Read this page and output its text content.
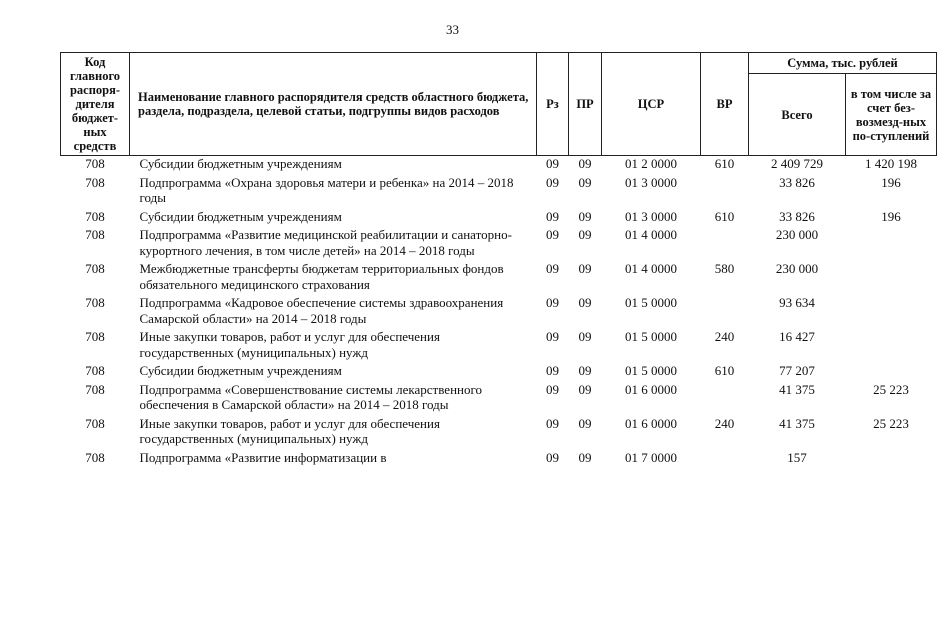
33
Код главного распоря-дителя бюджет-ных средств	Наименование главного распорядителя средств областного бюджета, раздела, подраздела, целевой статьи, подгруппы видов расходов	Рз	ПР	ЦСР	ВР	Сумма, тыс. рублей	
						Всего	в том числе за счет без-возмезд-ных по-ступлений
708	Субсидии бюджетным учреждениям	09	09	01 2 0000	610	2 409 729	1 420 198
708	Подпрограмма «Охрана здоровья матери и ребенка» на 2014 – 2018 годы	09	09	01 3 0000		33 826	196
708	Субсидии бюджетным учреждениям	09	09	01 3 0000	610	33 826	196
708	Подпрограмма «Развитие медицинской реабилитации и санаторно-курортного лечения, в том числе детей» на 2014 – 2018 годы	09	09	01 4 0000		230 000	
708	Межбюджетные трансферты бюджетам территориальных фондов обязательного медицинского страхования	09	09	01 4 0000	580	230 000	
708	Подпрограмма «Кадровое обеспечение системы здравоохранения Самарской области» на 2014 – 2018 годы	09	09	01 5 0000		93 634	
708	Иные закупки товаров, работ и услуг для обеспечения государственных (муниципальных) нужд	09	09	01 5 0000	240	16 427	
708	Субсидии бюджетным учреждениям	09	09	01 5 0000	610	77 207	
708	Подпрограмма «Совершенствование системы лекарственного обеспечения в Самарской области» на 2014 – 2018 годы	09	09	01 6 0000		41 375	25 223
708	Иные закупки товаров, работ и услуг для обеспечения государственных (муниципальных) нужд	09	09	01 6 0000	240	41 375	25 223
708	Подпрограмма «Развитие информатизации в	09	09	01 7 0000		157	
